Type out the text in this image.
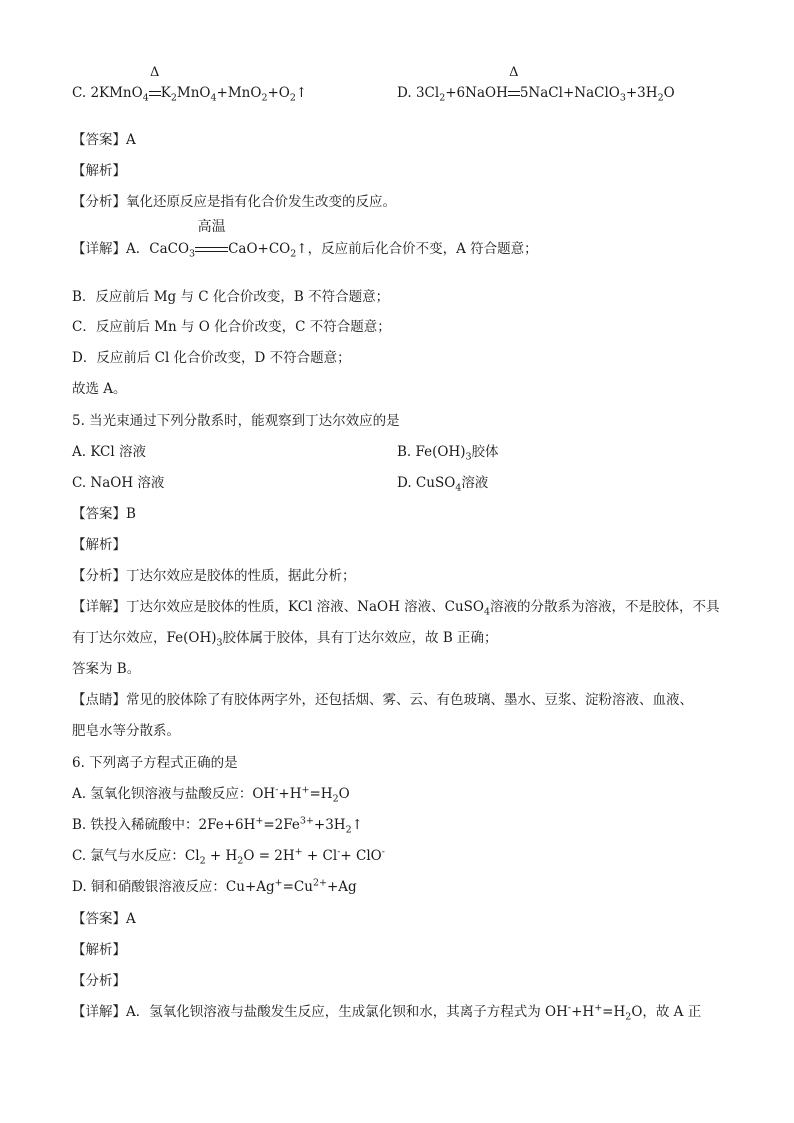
C. 2KMnO$_4$
Δ
$K_2MnO_4+MnO_2+O_2↑$	D. $3Cl_2+6NaOH$
Δ
$5NaCl+NaClO_3+3H_2O$
【答案】A
【解析】
【分析】氧化还原反应是指有化合价发生改变的反应。
【详解】A．CaCO$_3$
高温
$CaO+CO_2↑$，反应前后化合价不变，A 符合题意；
B．反应前后 Mg 与 C 化合价改变，B 不符合题意；
C．反应前后 Mn 与 O 化合价改变，C 不符合题意；
D．反应前后 Cl 化合价改变，D 不符合题意；
故选 A。
5. 当光束通过下列分散系时，能观察到丁达尔效应的是
A. KCl 溶液	B. $Fe(OH)_3$胶体
C. NaOH 溶液	D. CuSO$_4$溶液
【答案】B
【解析】
【分析】丁达尔效应是胶体的性质，据此分析；
【详解】丁达尔效应是胶体的性质，KCl 溶液、NaOH 溶液、CuSO$_4$溶液的分散系为溶液，不是胶体，不具
有丁达尔效应，$Fe(OH)_3$胶体属于胶体，具有丁达尔效应，故 B 正确；
答案为 B。
【点睛】常见的胶体除了有胶体两字外，还包括烟、雾、云、有色玻璃、墨水、豆浆、淀粉溶液、血液、
肥皂水等分散系。
6. 下列离子方程式正确的是
A. 氢氧化钡溶液与盐酸反应：$OH^-+H^+=H_2O$
B. 铁投入稀硫酸中：$2Fe+6H^+=2Fe^{3+}+3H_2↑$
C. 氯气与水反应：$Cl_2 + H_2O = 2H^+ + Cl^-+ ClO^-$
D. 铜和硝酸银溶液反应：$Cu+Ag^+=Cu^{2+}+Ag$
【答案】A
【解析】
【分析】
【详解】A．氢氧化钡溶液与盐酸发生反应，生成氯化钡和水，其离子方程式为 $OH^-+H^+=H_2O$，故 A 正
